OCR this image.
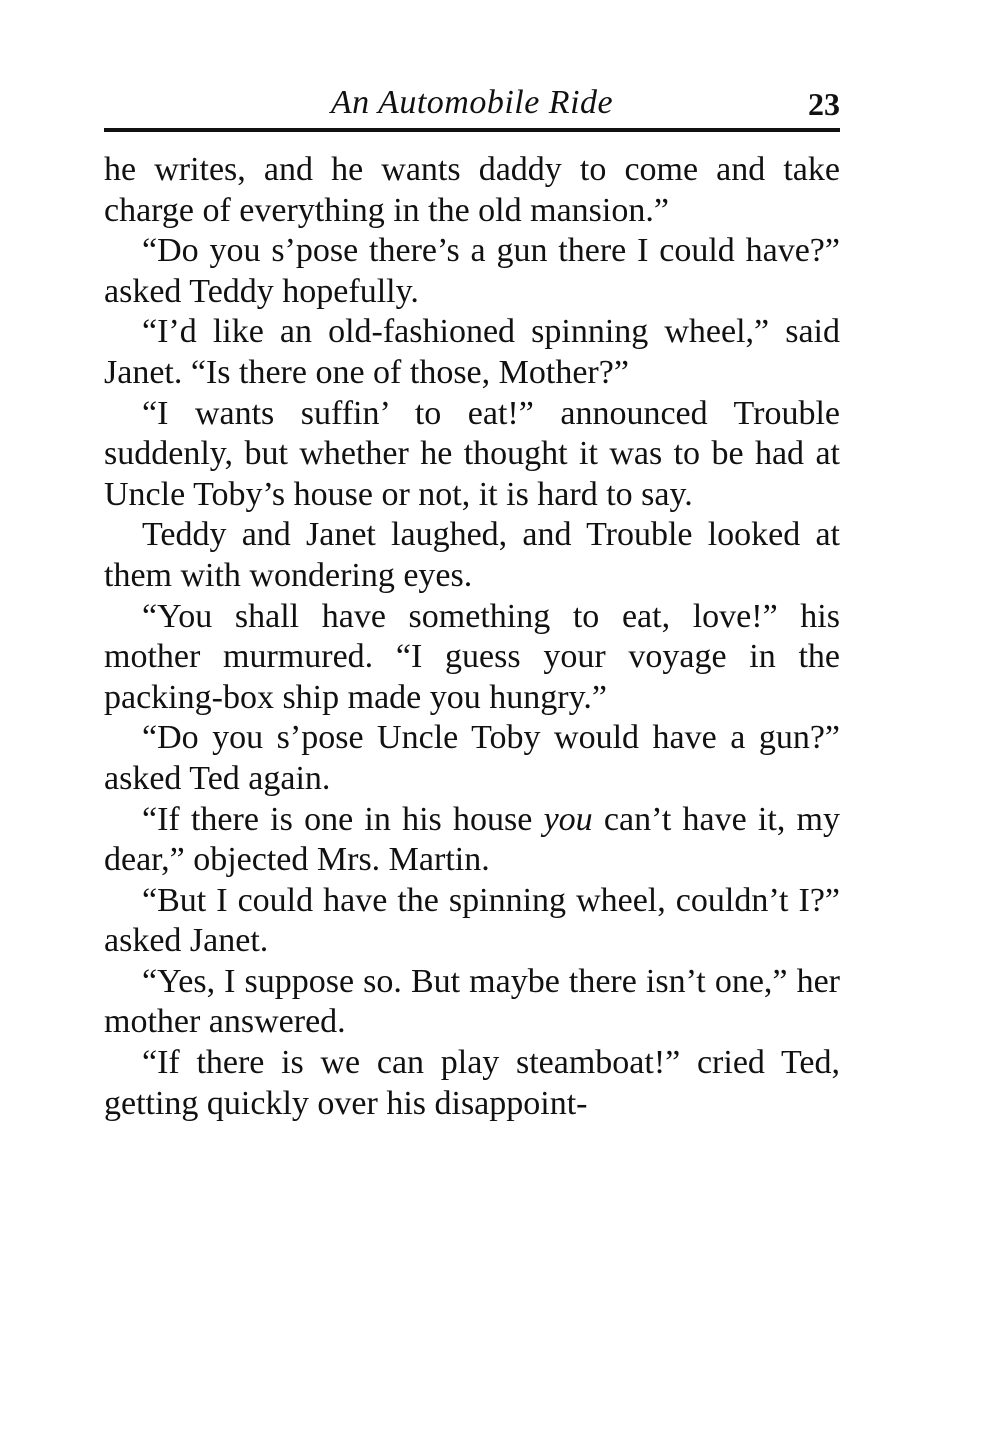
An Automobile Ride	23

he writes, and he wants daddy to come and take charge of everything in the old mansion.”

“Do you s’pose there’s a gun there I could have?” asked Teddy hopefully.

“I’d like an old-fashioned spinning wheel,” said Janet. “Is there one of those, Mother?”

“I wants suffin’ to eat!” announced Trouble suddenly, but whether he thought it was to be had at Uncle Toby’s house or not, it is hard to say.

Teddy and Janet laughed, and Trouble looked at them with wondering eyes.

“You shall have something to eat, love!” his mother murmured. “I guess your voyage in the packing-box ship made you hungry.”

“Do you s’pose Uncle Toby would have a gun?” asked Ted again.

“If there is one in his house you can’t have it, my dear,” objected Mrs. Martin.

“But I could have the spinning wheel, couldn’t I?” asked Janet.

“Yes, I suppose so. But maybe there isn’t one,” her mother answered.

“If there is we can play steamboat!” cried Ted, getting quickly over his disappoint-
